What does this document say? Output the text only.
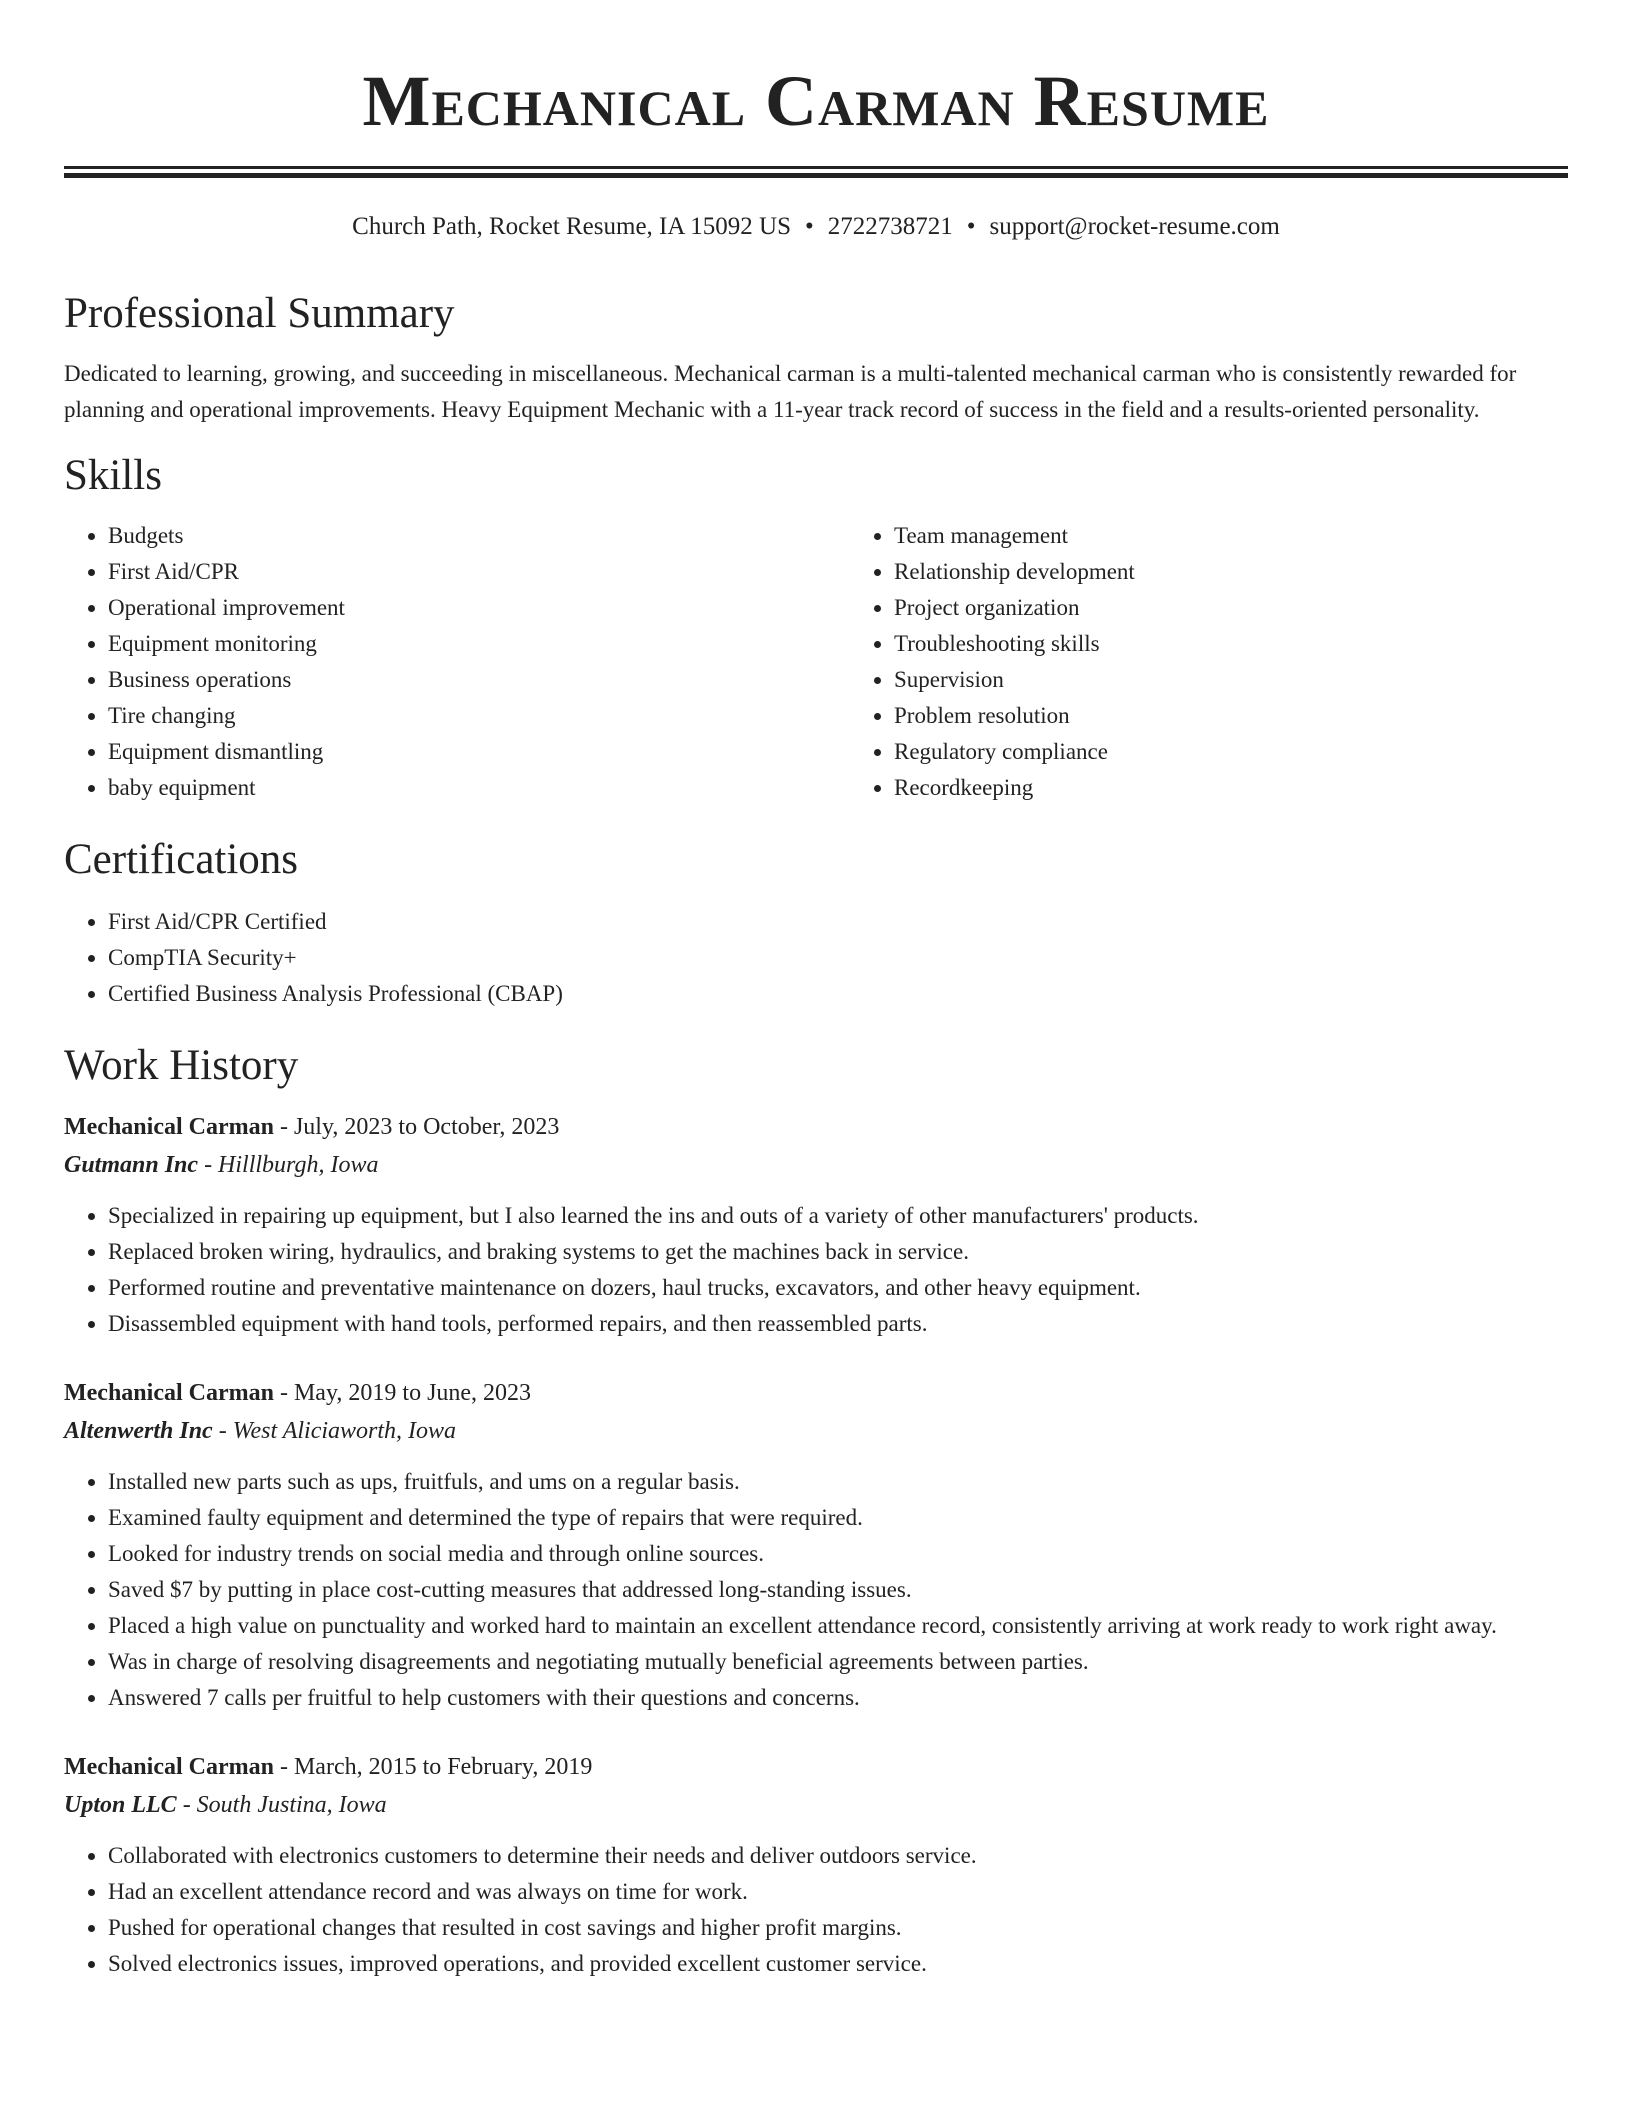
Mechanical Carman Resume
Church Path, Rocket Resume, IA 15092 US • 2722738721 • support@rocket-resume.com
Professional Summary

Dedicated to learning, growing, and succeeding in miscellaneous. Mechanical carman is a multi-talented mechanical carman who is consistently rewarded for planning and operational improvements. Heavy Equipment Mechanic with a 11-year track record of success in the field and a results-oriented personality.

Skills
• Budgets
• First Aid/CPR
• Operational improvement
• Equipment monitoring
• Business operations
• Tire changing
• Equipment dismantling
• baby equipment
• Team management
• Relationship development
• Project organization
• Troubleshooting skills
• Supervision
• Problem resolution
• Regulatory compliance
• Recordkeeping
Certifications
• First Aid/CPR Certified
• CompTIA Security+
• Certified Business Analysis Professional (CBAP)
Work History
Mechanical Carman - July, 2023 to October, 2023
Gutmann Inc - Hilllburgh, Iowa
• Specialized in repairing up equipment, but I also learned the ins and outs of a variety of other manufacturers' products.
• Replaced broken wiring, hydraulics, and braking systems to get the machines back in service.
• Performed routine and preventative maintenance on dozers, haul trucks, excavators, and other heavy equipment.
• Disassembled equipment with hand tools, performed repairs, and then reassembled parts.
Mechanical Carman - May, 2019 to June, 2023
Altenwerth Inc - West Aliciaworth, Iowa
• Installed new parts such as ups, fruitfuls, and ums on a regular basis.
• Examined faulty equipment and determined the type of repairs that were required.
• Looked for industry trends on social media and through online sources.
• Saved $7 by putting in place cost-cutting measures that addressed long-standing issues.
• Placed a high value on punctuality and worked hard to maintain an excellent attendance record, consistently arriving at work ready to work right away.
• Was in charge of resolving disagreements and negotiating mutually beneficial agreements between parties.
• Answered 7 calls per fruitful to help customers with their questions and concerns.
Mechanical Carman - March, 2015 to February, 2019
Upton LLC - South Justina, Iowa
• Collaborated with electronics customers to determine their needs and deliver outdoors service.
• Had an excellent attendance record and was always on time for work.
• Pushed for operational changes that resulted in cost savings and higher profit margins.
• Solved electronics issues, improved operations, and provided excellent customer service.
